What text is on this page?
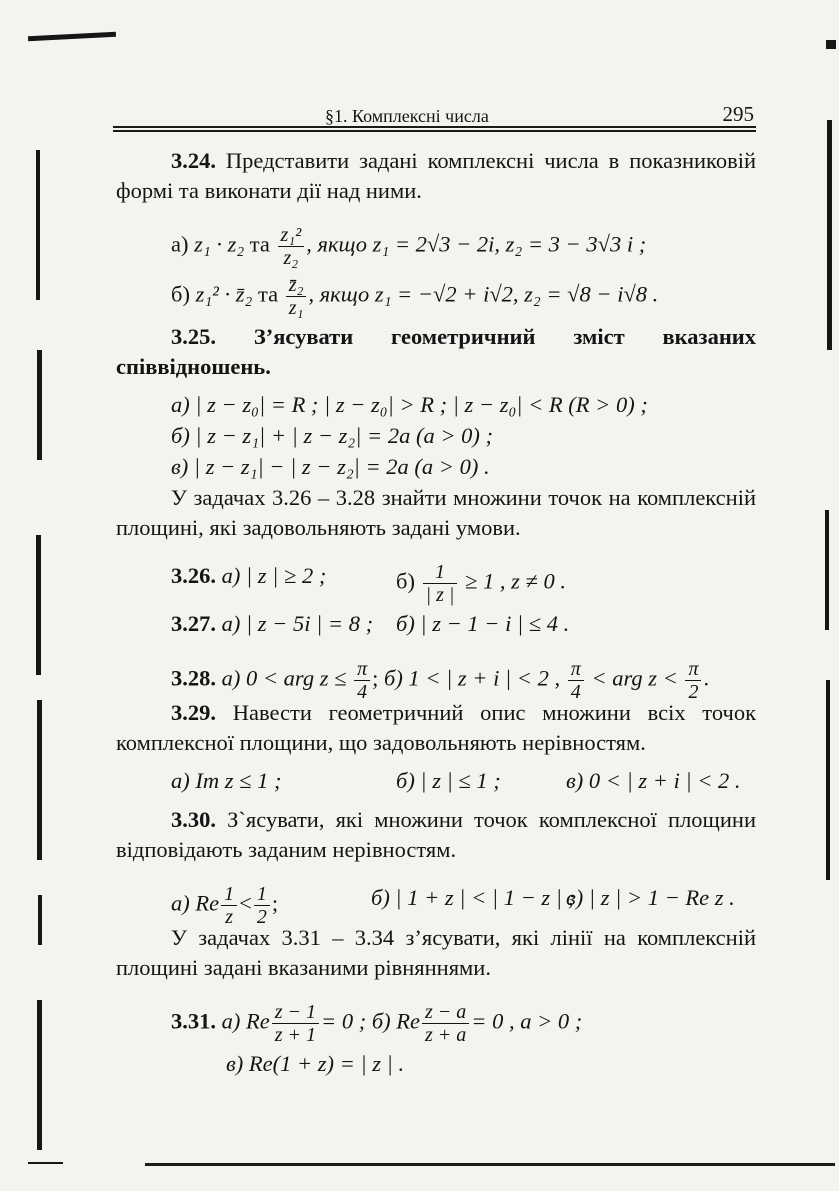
§1. Комплексні числа	295

3.24. Представити задані комплексні числа в показниковій формі та виконати дії над ними.

а) z₁ · z₂ та $\frac{\text{z₁²}}{\text{z₂}}$ , якщо z₁ = 2√3 − 2i, z₂ = 3 − 3√3 i ;
б) z₁² · z̄₂ та $\frac{\text{z̄₂}}{\text{z₁}}$ , якщо z₁ = −√2 + i√2, z₂ = √8 − i√8 .

3.25. З’ясувати геометричний зміст вказаних співвідношень.

а) | z − z₀| = R ; | z − z₀| > R ; | z − z₀| < R (R > 0) ;
б) | z − z₁| + | z − z₂| = 2a (a > 0) ;
в) | z − z₁| − | z − z₂| = 2a (a > 0) .

У задачах 3.26 – 3.28 знайти множини точок на комплексній площині, які задовольняють задані умови.

3.26. а) | z | ≥ 2 ;	$б) \frac{1}{| z |} \ge 1$ , z ≠ 0 .
3.27. а) | z − 5i | = 8 ; б) | z − 1 − i | ≤ 4 .
3.28. а) 0 < arg $z \le \frac{\pi}{4}$ ; б) 1 < | z + i | < 2 , $\frac{\pi}{4}$ < arg $z < \frac{\pi}{2}$ .

3.29. Навести геометричний опис множини всіх точок комплексної площини, що задовольняють нерівностям.

а) Im z ≤ 1 ;	б) | z | ≤ 1 ;	в) 0 < | z + i | < 2 .

3.30. З`ясувати, які множини точок комплексної площини відповідають заданим нерівностям.

а) Re $\frac{1}{z} < \frac{1}{2}$ ;	б) | 1 + z | < | 1 − z | ;
в) | z | > 1 − Re z .

У задачах 3.31 – 3.34 з’ясувати, які лінії на комплексній площині задані вказаними рівняннями.

3.31. а) Re $\frac{z - 1}{z + 1} = 0$ ; б) Re $\frac{z - a}{z + a} = 0$ , a > 0 ;
в) Re(1 + z) = | z | .
